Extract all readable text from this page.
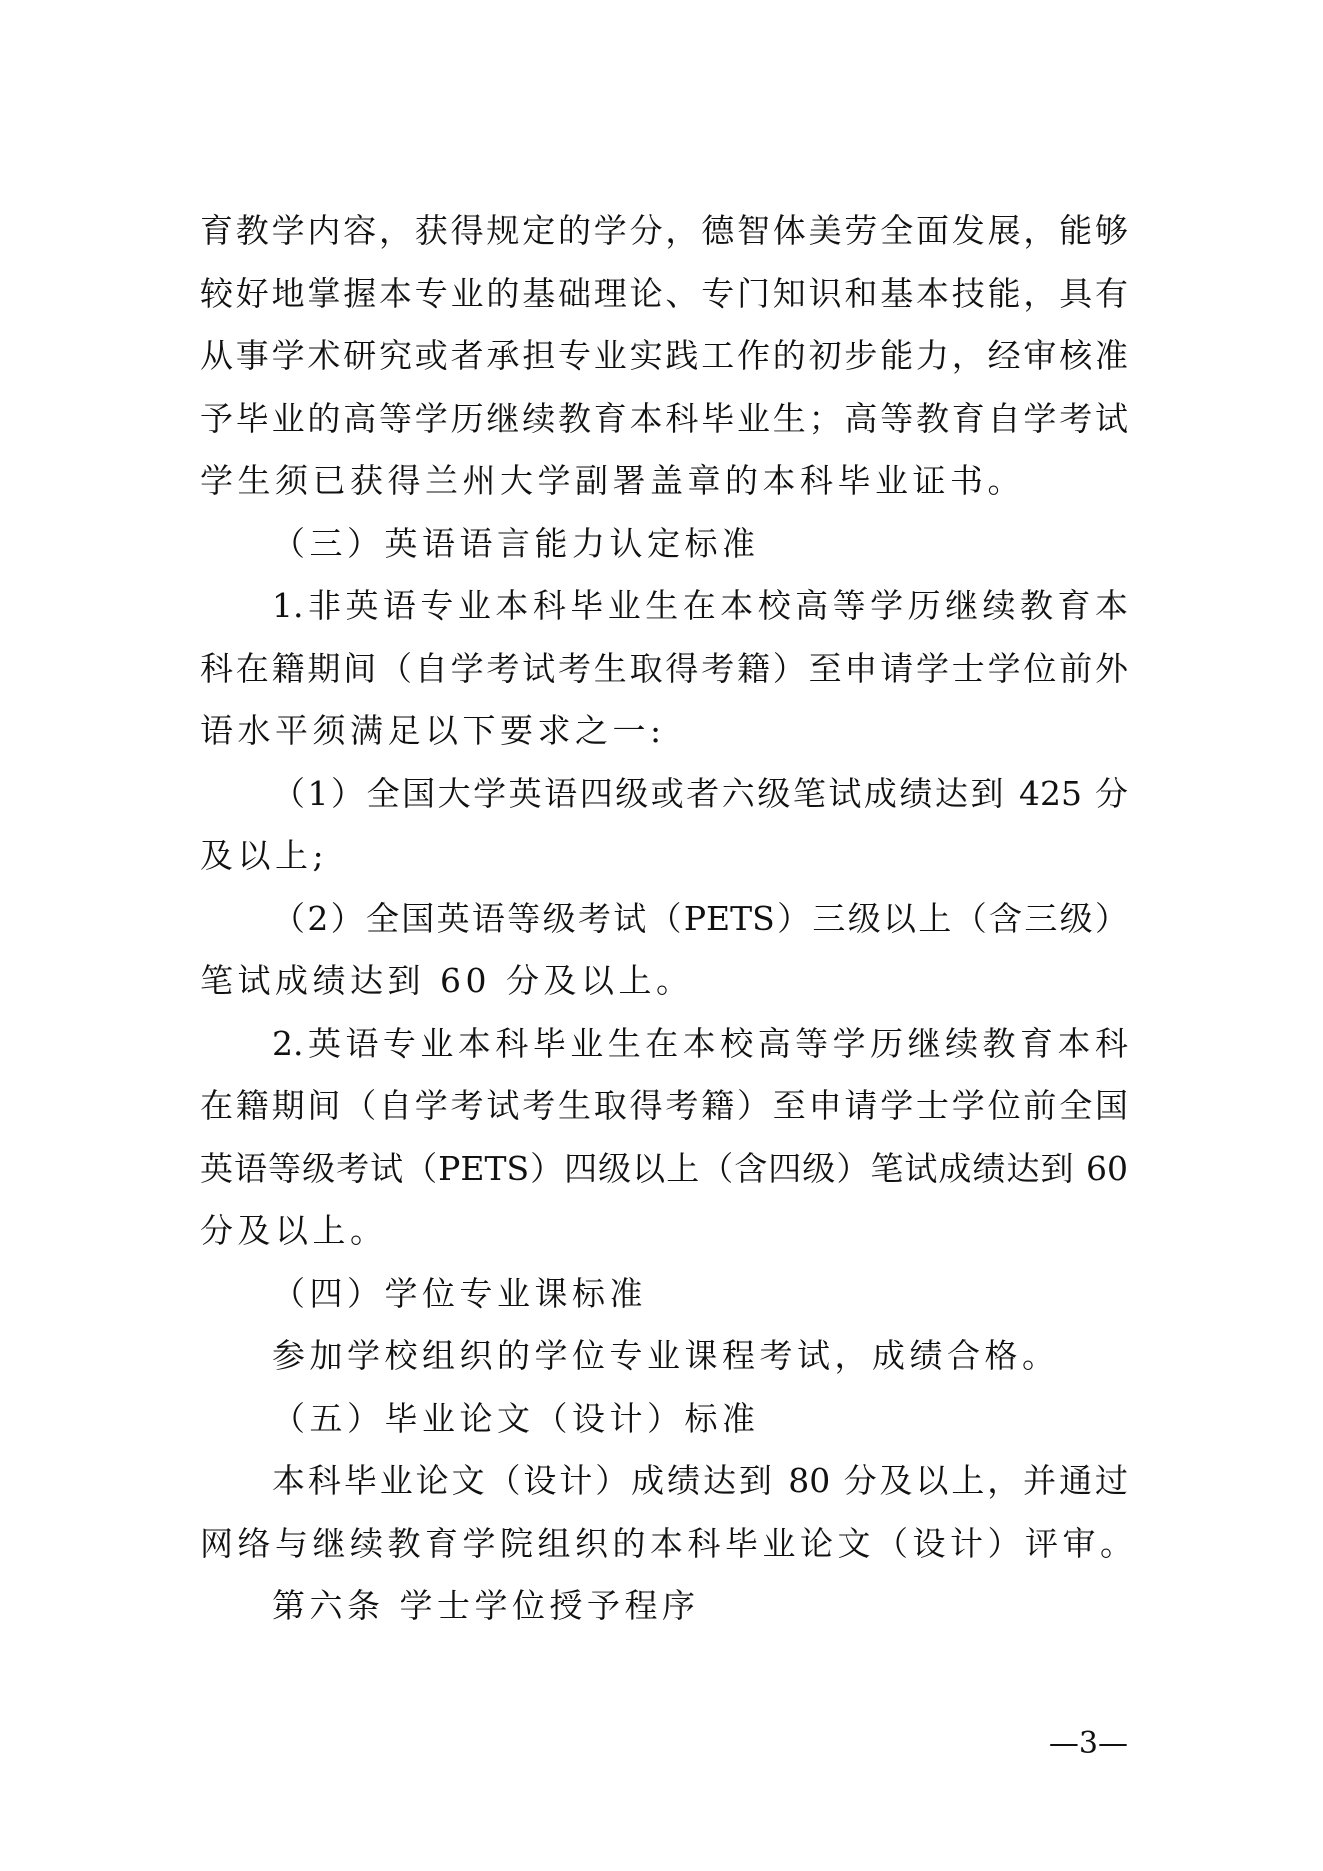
育教学内容，获得规定的学分，德智体美劳全面发展，能够
较好地掌握本专业的基础理论、专门知识和基本技能，具有
从事学术研究或者承担专业实践工作的初步能力，经审核准
予毕业的高等学历继续教育本科毕业生；高等教育自学考试
学生须已获得兰州大学副署盖章的本科毕业证书。
（三）英语语言能力认定标准
1.非英语专业本科毕业生在本校高等学历继续教育本
科在籍期间（自学考试考生取得考籍）至申请学士学位前外
语水平须满足以下要求之一:
（1）全国大学英语四级或者六级笔试成绩达到 425 分
及以上;
（2）全国英语等级考试（PETS）三级以上（含三级）
笔试成绩达到 60 分及以上。
2.英语专业本科毕业生在本校高等学历继续教育本科
在籍期间（自学考试考生取得考籍）至申请学士学位前全国
英语等级考试（PETS）四级以上（含四级）笔试成绩达到 60
分及以上。
（四）学位专业课标准
参加学校组织的学位专业课程考试，成绩合格。
（五）毕业论文（设计）标准
本科毕业论文（设计）成绩达到 80 分及以上，并通过
网络与继续教育学院组织的本科毕业论文（设计）评审。
第六条 学士学位授予程序
—3—
